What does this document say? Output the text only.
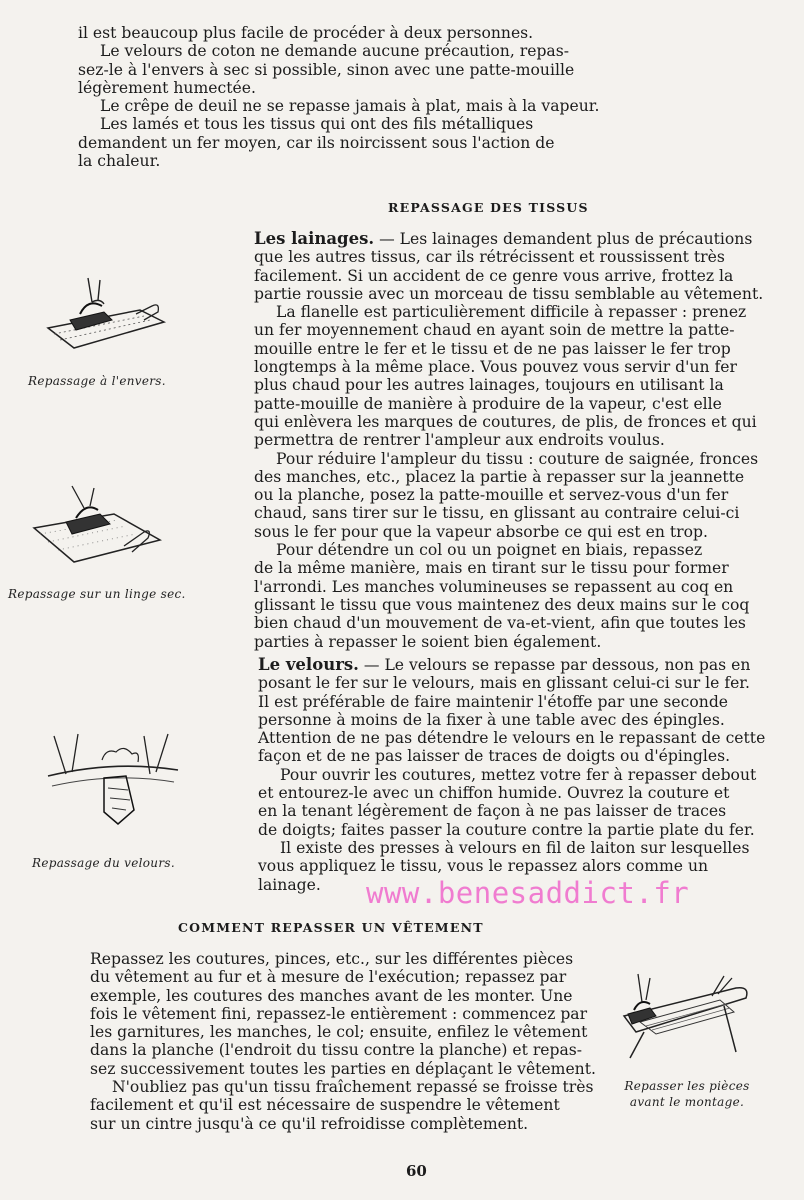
il est beaucoup plus facile de procéder à deux personnes.
Le velours de coton ne demande aucune précaution, repas-
sez-le à l'envers à sec si possible, sinon avec une patte-mouille
légèrement humectée.
Le crêpe de deuil ne se repasse jamais à plat, mais à la vapeur.
Les lamés et tous les tissus qui ont des fils métalliques
demandent un fer moyen, car ils noircissent sous l'action de
la chaleur.
REPASSAGE DES TISSUS
Les lainages. — Les lainages demandent plus de précautions
que les autres tissus, car ils rétrécissent et roussissent très
facilement. Si un accident de ce genre vous arrive, frottez la
partie roussie avec un morceau de tissu semblable au vêtement.
La flanelle est particulièrement difficile à repasser : prenez
un fer moyennement chaud en ayant soin de mettre la patte-
mouille entre le fer et le tissu et de ne pas laisser le fer trop
longtemps à la même place. Vous pouvez vous servir d'un fer
plus chaud pour les autres lainages, toujours en utilisant la
patte-mouille de manière à produire de la vapeur, c'est elle
qui enlèvera les marques de coutures, de plis, de fronces et qui
permettra de rentrer l'ampleur aux endroits voulus.
Pour réduire l'ampleur du tissu : couture de saignée, fronces
des manches, etc., placez la partie à repasser sur la jeannette
ou la planche, posez la patte-mouille et servez-vous d'un fer
chaud, sans tirer sur le tissu, en glissant au contraire celui-ci
sous le fer pour que la vapeur absorbe ce qui est en trop.
Pour détendre un col ou un poignet en biais, repassez
de la même manière, mais en tirant sur le tissu pour former
l'arrondi. Les manches volumineuses se repassent au coq en
glissant le tissu que vous maintenez des deux mains sur le coq
bien chaud d'un mouvement de va-et-vient, afin que toutes les
parties à repasser le soient bien également.
Le velours. — Le velours se repasse par dessous, non pas en
posant le fer sur le velours, mais en glissant celui-ci sur le fer.
Il est préférable de faire maintenir l'étoffe par une seconde
personne à moins de la fixer à une table avec des épingles.
Attention de ne pas détendre le velours en le repassant de cette
façon et de ne pas laisser de traces de doigts ou d'épingles.
Pour ouvrir les coutures, mettez votre fer à repasser debout
et entourez-le avec un chiffon humide. Ouvrez la couture et
en la tenant légèrement de façon à ne pas laisser de traces
de doigts; faites passer la couture contre la partie plate du fer.
Il existe des presses à velours en fil de laiton sur lesquelles
vous appliquez le tissu, vous le repassez alors comme un
lainage.	www.benesaddict.fr
COMMENT REPASSER UN VÊTEMENT
Repassez les coutures, pinces, etc., sur les différentes pièces
du vêtement au fur et à mesure de l'exécution; repassez par
exemple, les coutures des manches avant de les monter. Une
fois le vêtement fini, repassez-le entièrement : commencez par
les garnitures, les manches, le col; ensuite, enfilez le vêtement
dans la planche (l'endroit du tissu contre la planche) et repas-
sez successivement toutes les parties en déplaçant le vêtement.
N'oubliez pas qu'un tissu fraîchement repassé se froisse très
facilement et qu'il est nécessaire de suspendre le vêtement
sur un cintre jusqu'à ce qu'il refroidisse complètement.
Repassage à l'envers.
Repassage sur un linge sec.
Repassage du velours.
Repasser les pièces
avant le montage.
60
